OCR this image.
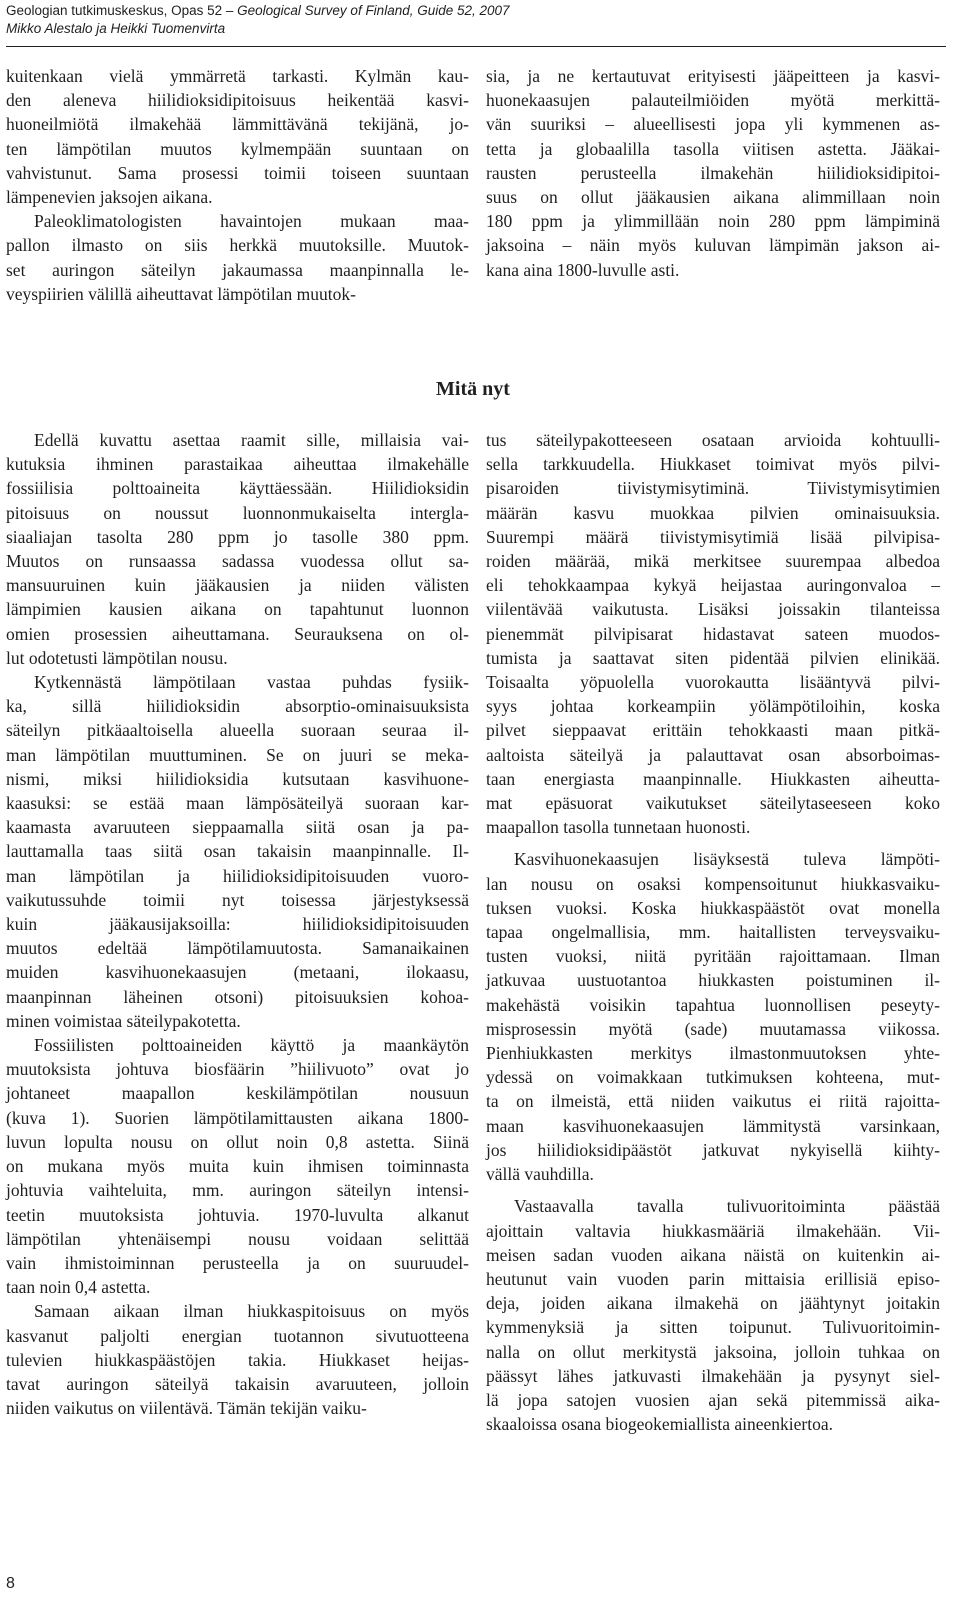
Geologian tutkimuskeskus, Opas 52 – Geological Survey of Finland, Guide 52, 2007
Mikko Alestalo ja Heikki Tuomenvirta

kuitenkaan vielä ymmärretä tarkasti. Kylmän kau-

den aleneva hiilidioksidipitoisuus heikentää kasvi-

huoneilmiötä ilmakehää lämmittävänä tekijänä, jo-

ten lämpötilan muutos kylmempään suuntaan on

vahvistunut. Sama prosessi toimii toiseen suuntaan

lämpenevien jaksojen aikana.

Paleoklimatologisten havaintojen mukaan maa-

pallon ilmasto on siis herkkä muutoksille. Muutok-

set auringon säteilyn jakaumassa maanpinnalla le-

veyspiirien välillä aiheuttavat lämpötilan muutok-

sia, ja ne kertautuvat erityisesti jääpeitteen ja kasvi-

huonekaasujen palauteilmiöiden myötä merkittä-

vän suuriksi – alueellisesti jopa yli kymmenen as-

tetta ja globaalilla tasolla viitisen astetta. Jääkai-

rausten perusteella ilmakehän hiilidioksidipitoi-

suus on ollut jääkausien aikana alimmillaan noin

180 ppm ja ylimmillään noin 280 ppm lämpiminä

jaksoina – näin myös kuluvan lämpimän jakson ai-

kana aina 1800-luvulle asti.

Mitä nyt

Edellä kuvattu asettaa raamit sille, millaisia vai-

kutuksia ihminen parastaikaa aiheuttaa ilmakehälle

fossiilisia polttoaineita käyttäessään. Hiilidioksidin

pitoisuus on noussut luonnonmukaiselta intergla-

siaaliajan tasolta 280 ppm jo tasolle 380 ppm.

Muutos on runsaassa sadassa vuodessa ollut sa-

mansuuruinen kuin jääkausien ja niiden välisten

lämpimien kausien aikana on tapahtunut luonnon

omien prosessien aiheuttamana. Seurauksena on ol-

lut odotetusti lämpötilan nousu.

Kytkennästä lämpötilaan vastaa puhdas fysiik-

ka, sillä hiilidioksidin absorptio-ominaisuuksista

säteilyn pitkäaaltoisella alueella suoraan seuraa il-

man lämpötilan muuttuminen. Se on juuri se meka-

nismi, miksi hiilidioksidia kutsutaan kasvihuone-

kaasuksi: se estää maan lämpösäteilyä suoraan kar-

kaamasta avaruuteen sieppaamalla siitä osan ja pa-

lauttamalla taas siitä osan takaisin maanpinnalle. Il-

man lämpötilan ja hiilidioksidipitoisuuden vuoro-

vaikutussuhde toimii nyt toisessa järjestyksessä

kuin jääkausijaksoilla: hiilidioksidipitoisuuden

muutos edeltää lämpötilamuutosta. Samanaikainen

muiden kasvihuonekaasujen (metaani, ilokaasu,

maanpinnan läheinen otsoni) pitoisuuksien kohoa-

minen voimistaa säteilypakotetta.

Fossiilisten polttoaineiden käyttö ja maankäytön

muutoksista johtuva biosfäärin ”hiilivuoto” ovat jo

johtaneet maapallon keskilämpötilan nousuun

(kuva 1). Suorien lämpötilamittausten aikana 1800-

luvun lopulta nousu on ollut noin 0,8 astetta. Siinä

on mukana myös muita kuin ihmisen toiminnasta

johtuvia vaihteluita, mm. auringon säteilyn intensi-

teetin muutoksista johtuvia. 1970-luvulta alkanut

lämpötilan yhtenäisempi nousu voidaan selittää

vain ihmistoiminnan perusteella ja on suuruudel-

taan noin 0,4 astetta.

Samaan aikaan ilman hiukkaspitoisuus on myös

kasvanut paljolti energian tuotannon sivutuotteena

tulevien hiukkaspäästöjen takia. Hiukkaset heijas-

tavat auringon säteilyä takaisin avaruuteen, jolloin

niiden vaikutus on viilentävä. Tämän tekijän vaiku-

tus säteilypakotteeseen osataan arvioida kohtuulli-

sella tarkkuudella. Hiukkaset toimivat myös pilvi-

pisaroiden tiivistymisytiminä. Tiivistymisytimien

määrän kasvu muokkaa pilvien ominaisuuksia.

Suurempi määrä tiivistymisytimiä lisää pilvipisa-

roiden määrää, mikä merkitsee suurempaa albedoa

eli tehokkaampaa kykyä heijastaa auringonvaloa –

viilentävää vaikutusta. Lisäksi joissakin tilanteissa

pienemmät pilvipisarat hidastavat sateen muodos-

tumista ja saattavat siten pidentää pilvien elinikää.

Toisaalta yöpuolella vuorokautta lisääntyvä pilvi-

syys johtaa korkeampiin yölämpötiloihin, koska

pilvet sieppaavat erittäin tehokkaasti maan pitkä-

aaltoista säteilyä ja palauttavat osan absorboimas-

taan energiasta maanpinnalle. Hiukkasten aiheutta-

mat epäsuorat vaikutukset säteilytaseeseen koko

maapallon tasolla tunnetaan huonosti.

Kasvihuonekaasujen lisäyksestä tuleva lämpöti-

lan nousu on osaksi kompensoitunut hiukkasvaiku-

tuksen vuoksi. Koska hiukkaspäästöt ovat monella

tapaa ongelmallisia, mm. haitallisten terveysvaiku-

tusten vuoksi, niitä pyritään rajoittamaan. Ilman

jatkuvaa uustuotantoa hiukkasten poistuminen il-

makehästä voisikin tapahtua luonnollisen peseyty-

misprosessin myötä (sade) muutamassa viikossa.

Pienhiukkasten merkitys ilmastonmuutoksen yhte-

ydessä on voimakkaan tutkimuksen kohteena, mut-

ta on ilmeistä, että niiden vaikutus ei riitä rajoitta-

maan kasvihuonekaasujen lämmitystä varsinkaan,

jos hiilidioksidipäästöt jatkuvat nykyisellä kiihty-

vällä vauhdilla.

Vastaavalla tavalla tulivuoritoiminta päästää

ajoittain valtavia hiukkasmääriä ilmakehään. Vii-

meisen sadan vuoden aikana näistä on kuitenkin ai-

heutunut vain vuoden parin mittaisia erillisiä episo-

deja, joiden aikana ilmakehä on jäähtynyt joitakin

kymmenyksiä ja sitten toipunut. Tulivuoritoimin-

nalla on ollut merkitystä jaksoina, jolloin tuhkaa on

päässyt lähes jatkuvasti ilmakehään ja pysynyt siel-

lä jopa satojen vuosien ajan sekä pitemmissä aika-

skaaloissa osana biogeokemiallista aineenkiertoa.

8
